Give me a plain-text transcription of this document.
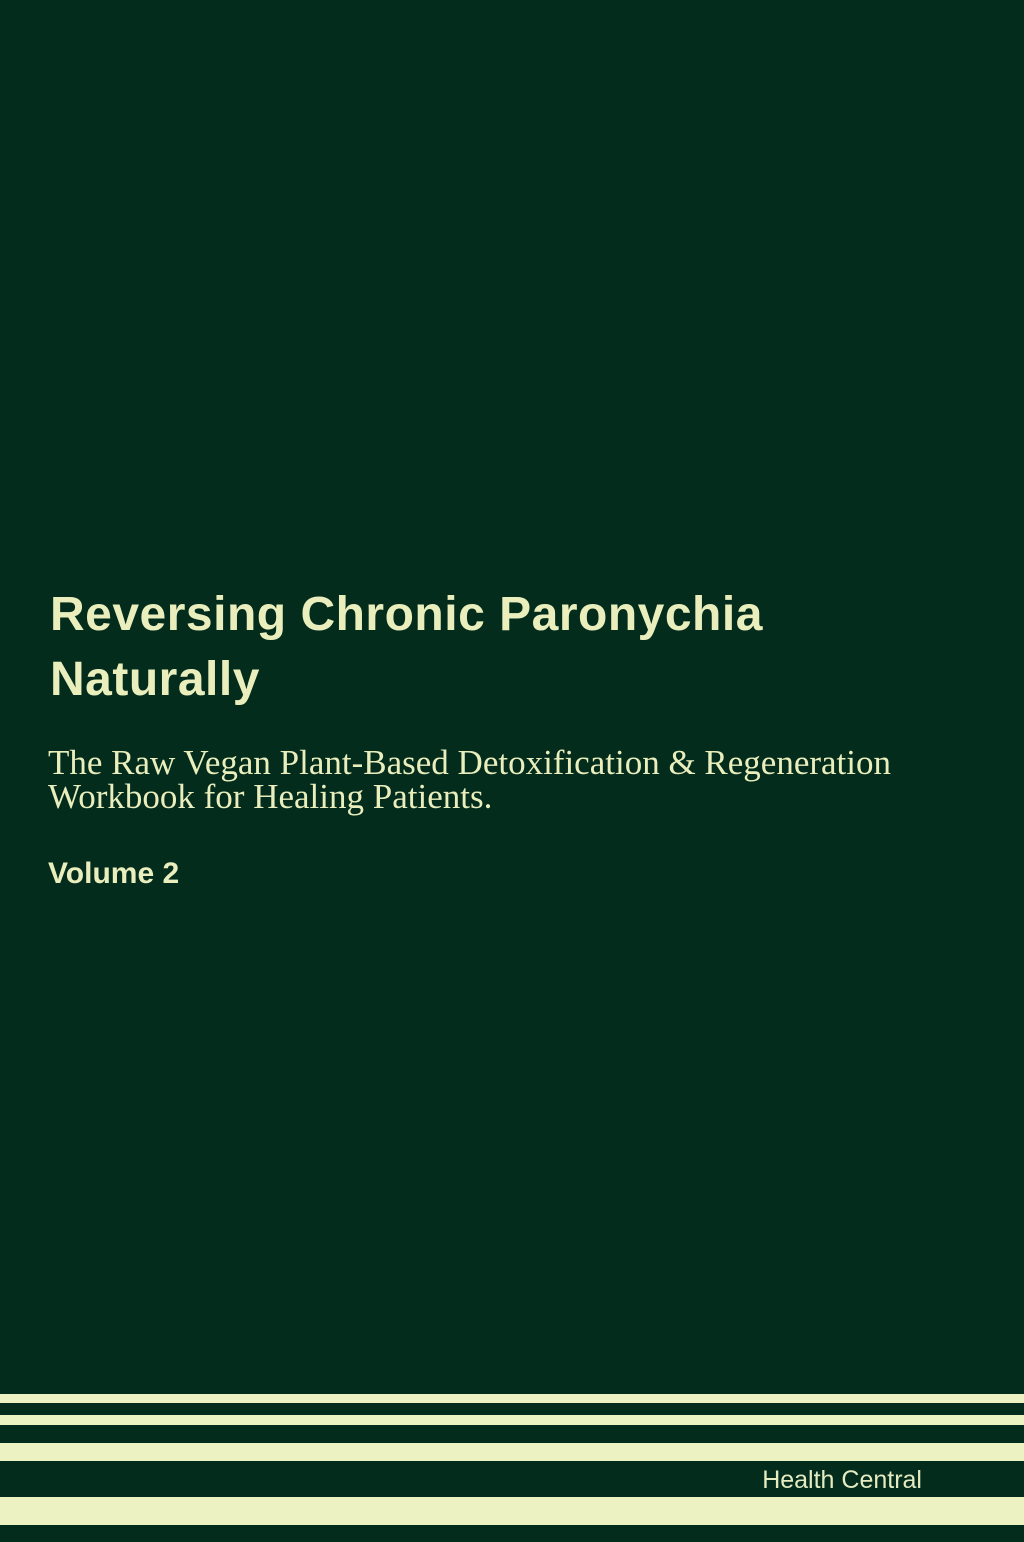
Reversing Chronic Paronychia
Naturally
The Raw Vegan Plant-Based Detoxification & Regeneration
Workbook for Healing Patients.
Volume 2
Health Central
